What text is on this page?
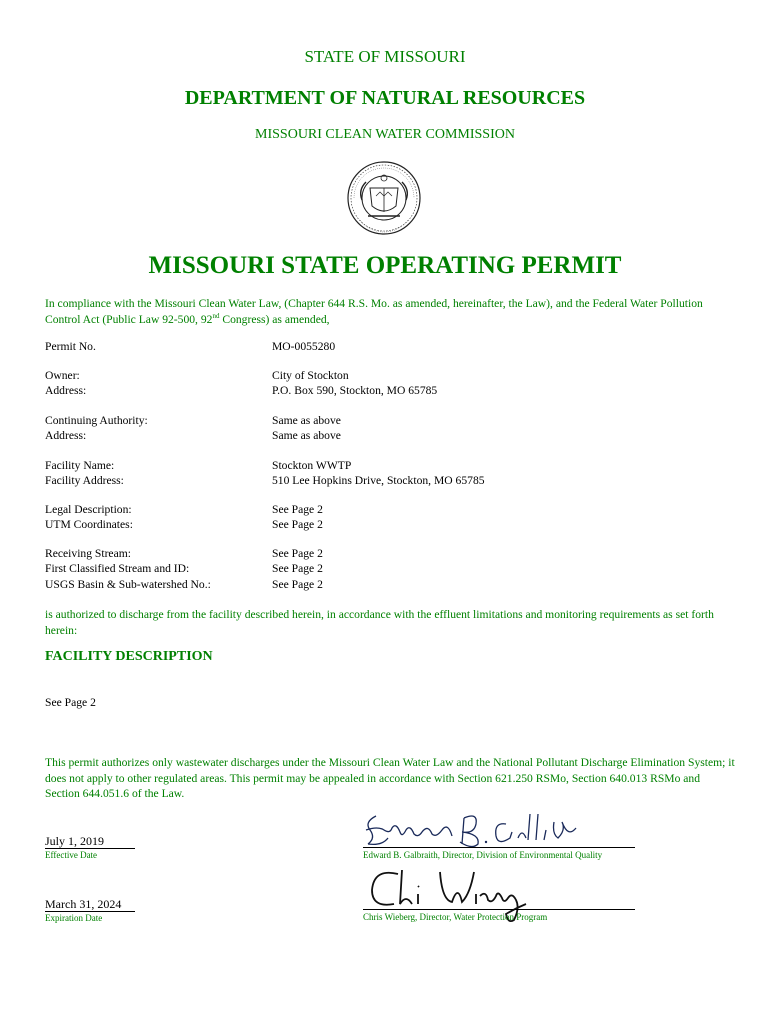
STATE OF MISSOURI
DEPARTMENT OF NATURAL RESOURCES
MISSOURI CLEAN WATER COMMISSION
MISSOURI STATE OPERATING PERMIT
In compliance with the Missouri Clean Water Law, (Chapter 644 R.S. Mo. as amended, hereinafter, the Law), and the Federal Water Pollution Control Act (Public Law 92-500, 92nd Congress) as amended,
Permit No.	MO-0055280
Owner:	City of Stockton
Address:	P.O. Box 590, Stockton, MO 65785
Continuing Authority:	Same as above
Address:	Same as above
Facility Name:	Stockton WWTP
Facility Address:	510 Lee Hopkins Drive, Stockton, MO 65785
Legal Description:	See Page 2
UTM Coordinates:	See Page 2
Receiving Stream:	See Page 2
First Classified Stream and ID:	See Page 2
USGS Basin & Sub-watershed No.:	See Page 2
is authorized to discharge from the facility described herein, in accordance with the effluent limitations and monitoring requirements as set forth herein:
FACILITY DESCRIPTION
See Page 2
This permit authorizes only wastewater discharges under the Missouri Clean Water Law and the National Pollutant Discharge Elimination System; it does not apply to other regulated areas. This permit may be appealed in accordance with Section 621.250 RSMo, Section 640.013 RSMo and Section 644.051.6 of the Law.
July 1, 2019
Effective Date	Edward B. Galbraith, Director, Division of Environmental Quality
March 31, 2024
Expiration Date	Chris Wieberg, Director, Water Protection Program
